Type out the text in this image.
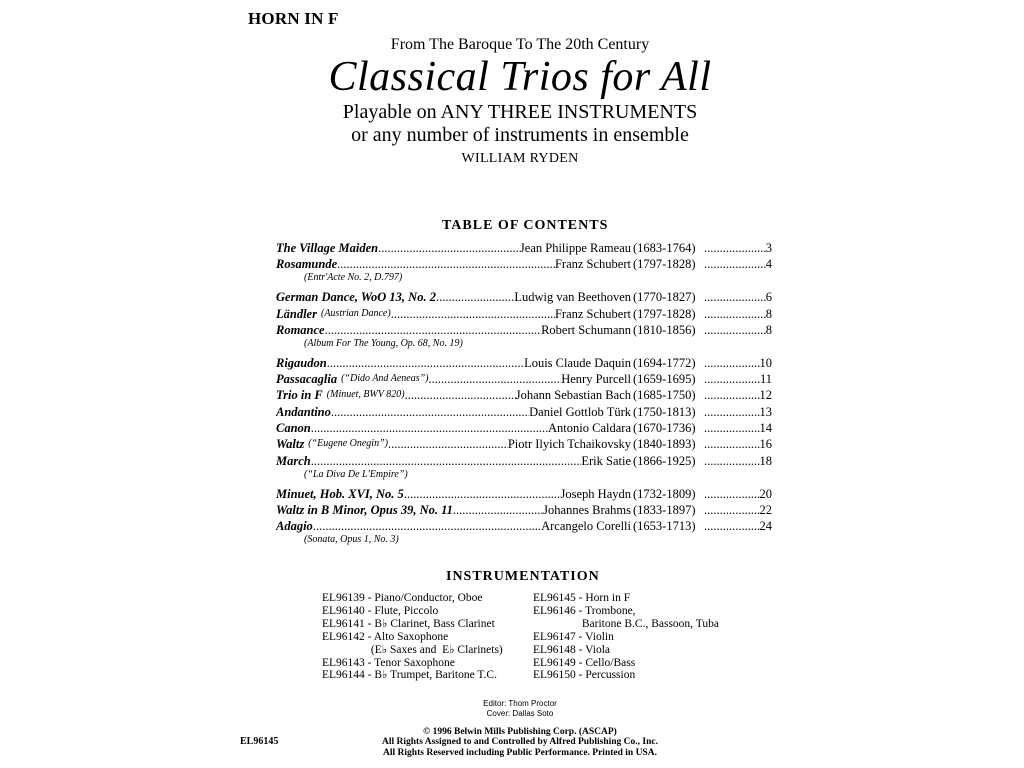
HORN IN F
From The Baroque To The 20th Century
Classical Trios for All
Playable on ANY THREE INSTRUMENTS
or any number of instruments in ensemble
WILLIAM RYDEN
TABLE OF CONTENTS
The Village Maiden .....	Jean Philippe Rameau (1683-1764) .....	3
Rosamunde .....	Franz Schubert (1797-1828) .....	4
(Entr'Acte No. 2, D.797)
German Dance, WoO 13, No. 2 .....	Ludwig van Beethoven (1770-1827) .....	6
Ländler (Austrian Dance) .....	Franz Schubert (1797-1828) .....	8
Romance .....	Robert Schumann (1810-1856) .....	8
(Album For The Young, Op. 68, No. 19)
Rigaudon .....	Louis Claude Daquin (1694-1772) .....	10
Passacaglia (“Dido And Aeneas”) .....	Henry Purcell (1659-1695) .....	11
Trio in F (Minuet, BWV 820) .....	Johann Sebastian Bach (1685-1750) .....	12
Andantino .....	Daniel Gottlob Türk (1750-1813) .....	13
Canon .....	Antonio Caldara (1670-1736) .....	14
Waltz (“Eugene Onegin”) .....	Piotr Ilyich Tchaikovsky (1840-1893) .....	16
March .....	Erik Satie (1866-1925) .....	18
(“La Diva De L'Empire”)
Minuet, Hob. XVI, No. 5 .....	Joseph Haydn (1732-1809) .....	20
Waltz in B Minor, Opus 39, No. 11 .....	Johannes Brahms (1833-1897) .....	22
Adagio .....	Arcangelo Corelli (1653-1713) .....	24
(Sonata, Opus 1, No. 3)
INSTRUMENTATION
EL96139 - Piano/Conductor, Oboe
EL96140 - Flute, Piccolo
EL96141 - B♭ Clarinet, Bass Clarinet
EL96142 - Alto Saxophone
(E♭ Saxes and  E♭ Clarinets)
EL96143 - Tenor Saxophone
EL96144 - B♭ Trumpet, Baritone T.C.
EL96145 - Horn in F
EL96146 - Trombone,
Baritone B.C., Bassoon, Tuba
EL96147 - Violin
EL96148 - Viola
EL96149 - Cello/Bass
EL96150 - Percussion
Editor: Thom Proctor
Cover: Dallas Soto
EL96145
© 1996 Belwin Mills Publishing Corp. (ASCAP)
All Rights Assigned to and Controlled by Alfred Publishing Co., Inc.
All Rights Reserved including Public Performance. Printed in USA.
